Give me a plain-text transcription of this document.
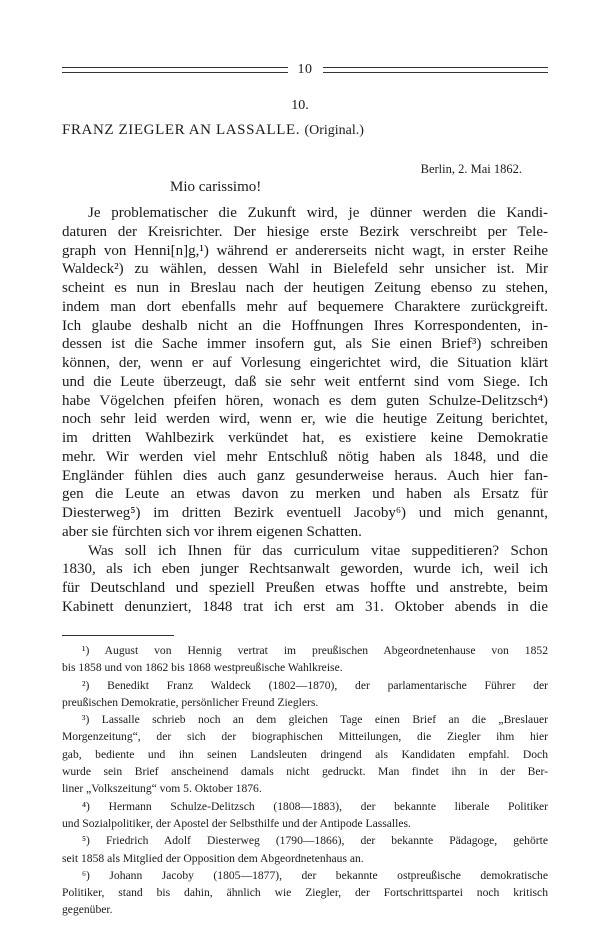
10
10.
FRANZ ZIEGLER AN LASSALLE. (Original.)
Berlin, 2. Mai 1862.
Mio carissimo!
Je problematischer die Zukunft wird, je dünner werden die Kandi-
daturen der Kreisrichter. Der hiesige erste Bezirk verschreibt per Tele-
graph von Henni[n]g,¹) während er andererseits nicht wagt, in erster Reihe
Waldeck²) zu wählen, dessen Wahl in Bielefeld sehr unsicher ist. Mir
scheint es nun in Breslau nach der heutigen Zeitung ebenso zu stehen,
indem man dort ebenfalls mehr auf bequemere Charaktere zurückgreift.
Ich glaube deshalb nicht an die Hoffnungen Ihres Korrespondenten, in-
dessen ist die Sache immer insofern gut, als Sie einen Brief³) schreiben
können, der, wenn er auf Vorlesung eingerichtet wird, die Situation klärt
und die Leute überzeugt, daß sie sehr weit entfernt sind vom Siege. Ich
habe Vögelchen pfeifen hören, wonach es dem guten Schulze-Delitzsch⁴)
noch sehr leid werden wird, wenn er, wie die heutige Zeitung berichtet,
im dritten Wahlbezirk verkündet hat, es existiere keine Demokratie
mehr. Wir werden viel mehr Entschluß nötig haben als 1848, und die
Engländer fühlen dies auch ganz gesunderweise heraus. Auch hier fan-
gen die Leute an etwas davon zu merken und haben als Ersatz für
Diesterweg⁵) im dritten Bezirk eventuell Jacoby⁶) und mich genannt,
aber sie fürchten sich vor ihrem eigenen Schatten.
Was soll ich Ihnen für das curriculum vitae suppeditieren? Schon
1830, als ich eben junger Rechtsanwalt geworden, wurde ich, weil ich
für Deutschland und speziell Preußen etwas hoffte und anstrebte, beim
Kabinett denunziert, 1848 trat ich erst am 31. Oktober abends in die
¹) August von Hennig vertrat im preußischen Abgeordnetenhause von 1852
bis 1858 und von 1862 bis 1868 westpreußische Wahlkreise.
²) Benedikt Franz Waldeck (1802—1870), der parlamentarische Führer der
preußischen Demokratie, persönlicher Freund Zieglers.
³) Lassalle schrieb noch an dem gleichen Tage einen Brief an die „Breslauer
Morgenzeitung“, der sich der biographischen Mitteilungen, die Ziegler ihm hier
gab, bediente und ihn seinen Landsleuten dringend als Kandidaten empfahl. Doch
wurde sein Brief anscheinend damals nicht gedruckt. Man findet ihn in der Ber-
liner „Volkszeitung“ vom 5. Oktober 1876.
⁴) Hermann Schulze-Delitzsch (1808—1883), der bekannte liberale Politiker
und Sozialpolitiker, der Apostel der Selbsthilfe und der Antipode Lassalles.
⁵) Friedrich Adolf Diesterweg (1790—1866), der bekannte Pädagoge, gehörte
seit 1858 als Mitglied der Opposition dem Abgeordnetenhaus an.
⁶) Johann Jacoby (1805—1877), der bekannte ostpreußische demokratische
Politiker, stand bis dahin, ähnlich wie Ziegler, der Fortschrittspartei noch kritisch
gegenüber.
